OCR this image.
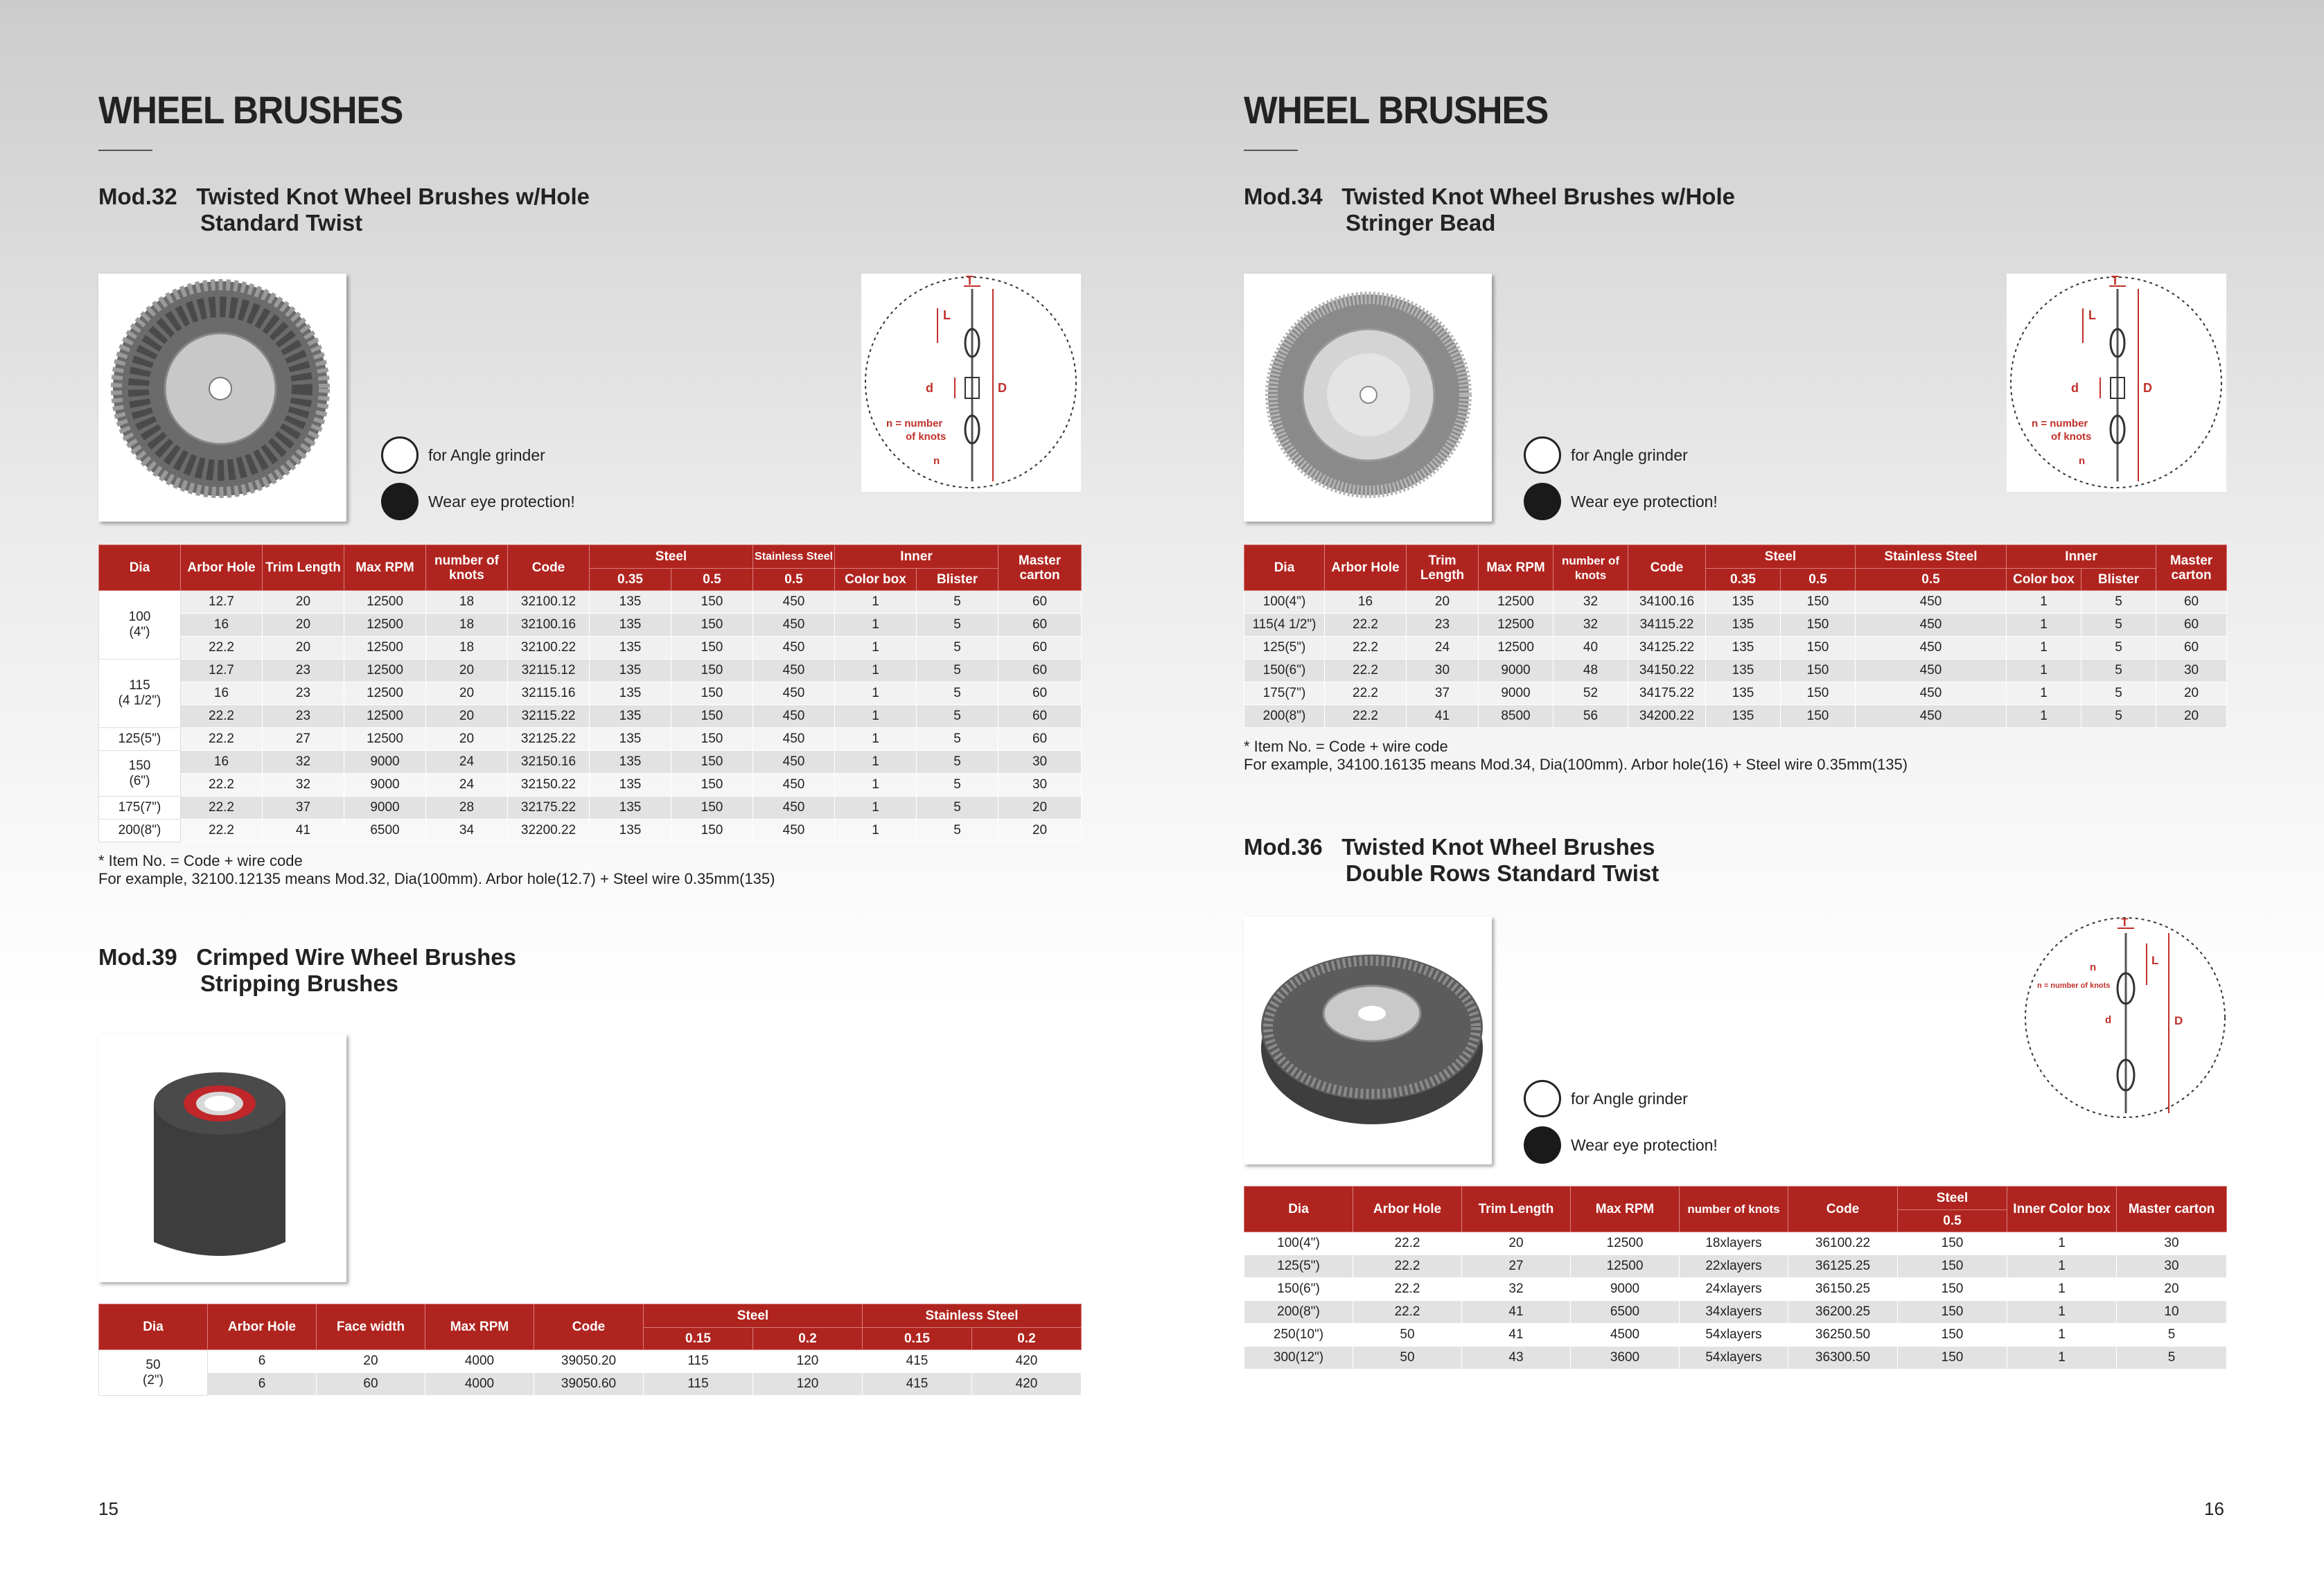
WHEEL BRUSHES
Mod.32 Twisted Knot Wheel Brushes w/Hole
Standard Twist
T
L
d	D
n = number
of knots
n
for Angle grinder
Wear eye protection!
Dia	Arbor Hole	Trim Length	Max RPM	number of knots	Code	Steel		Stainless Steel	Inner		Master carton
						0.35	0.5	0.5	Color box	Blister	
100
(4")	12.7	20	12500	18	32100.12	135	150	450	1	5	60
	16	20	12500	18	32100.16	135	150	450	1	5	60
	22.2	20	12500	18	32100.22	135	150	450	1	5	60
115
(4 1/2")	12.7	23	12500	20	32115.12	135	150	450	1	5	60
	16	23	12500	20	32115.16	135	150	450	1	5	60
	22.2	23	12500	20	32115.22	135	150	450	1	5	60
125(5")	22.2	27	12500	20	32125.22	135	150	450	1	5	60
150
(6")	16	32	9000	24	32150.16	135	150	450	1	5	30
	22.2	32	9000	24	32150.22	135	150	450	1	5	30
175(7")	22.2	37	9000	28	32175.22	135	150	450	1	5	20
200(8")	22.2	41	6500	34	32200.22	135	150	450	1	5	20
* Item No. = Code + wire code
For example, 32100.12135 means Mod.32, Dia(100mm). Arbor hole(12.7) + Steel wire 0.35mm(135)
Mod.39 Crimped Wire Wheel Brushes
Stripping Brushes
Dia	Arbor Hole	Face width	Max RPM	Code	Steel		Stainless Steel	
					0.15	0.2	0.15	0.2
50
(2")	6	20	4000	39050.20	115	120	415	420
	6	60	4000	39050.60	115	120	415	420
15
WHEEL BRUSHES
Mod.34 Twisted Knot Wheel Brushes w/Hole
Stringer Bead
T
L
d	D
n = number
of knots
n
for Angle grinder
Wear eye protection!
Dia	Arbor Hole	Trim Length	Max RPM	number of knots	Code	Steel		Stainless Steel	Inner		Master carton
						0.35	0.5	0.5	Color box	Blister	
100(4")	16	20	12500	32	34100.16	135	150	450	1	5	60
115(4 1/2")	22.2	23	12500	32	34115.22	135	150	450	1	5	60
125(5")	22.2	24	12500	40	34125.22	135	150	450	1	5	60
150(6")	22.2	30	9000	48	34150.22	135	150	450	1	5	30
175(7")	22.2	37	9000	52	34175.22	135	150	450	1	5	20
200(8")	22.2	41	8500	56	34200.22	135	150	450	1	5	20
* Item No. = Code + wire code
For example, 34100.16135 means Mod.34, Dia(100mm). Arbor hole(16) + Steel wire 0.35mm(135)
Mod.36 Twisted Knot Wheel Brushes
Double Rows Standard Twist
T
L
n
n = number of knots
d	D
for Angle grinder
Wear eye protection!
Dia	Arbor Hole	Trim Length	Max RPM	number of knots	Code	Steel	Inner Color box	Master carton
						0.5		
100(4")	22.2	20	12500	18xlayers	36100.22	150	1	30
125(5")	22.2	27	12500	22xlayers	36125.25	150	1	30
150(6")	22.2	32	9000	24xlayers	36150.25	150	1	20
200(8")	22.2	41	6500	34xlayers	36200.25	150	1	10
250(10")	50	41	4500	54xlayers	36250.50	150	1	5
300(12")	50	43	3600	54xlayers	36300.50	150	1	5
16
